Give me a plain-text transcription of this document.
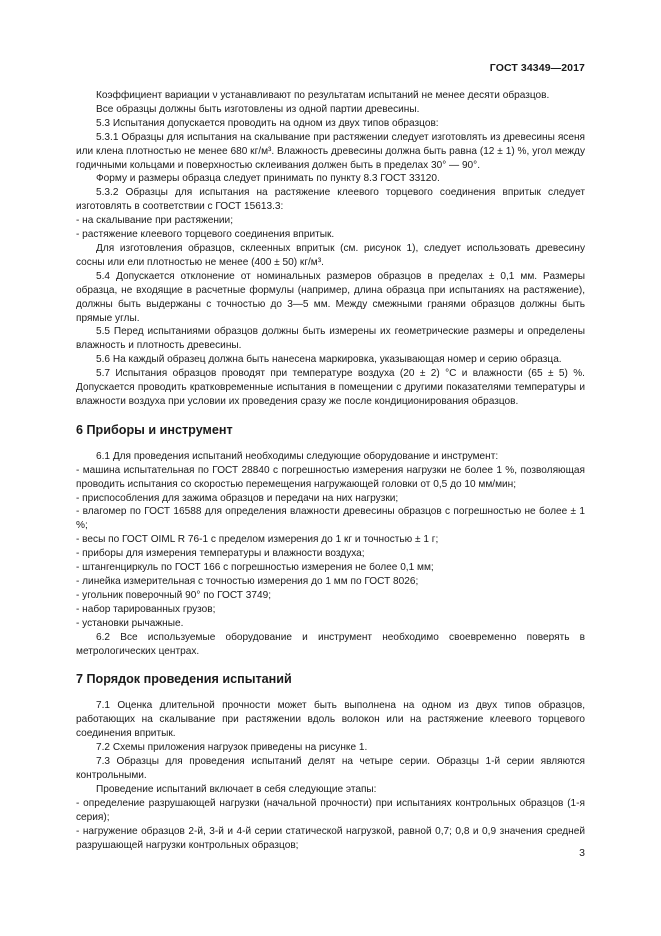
ГОСТ 34349—2017

Коэффициент вариации ν устанавливают по результатам испытаний не менее десяти образцов.

Все образцы должны быть изготовлены из одной партии древесины.

5.3 Испытания допускается проводить на одном из двух типов образцов:

5.3.1 Образцы для испытания на скалывание при растяжении следует изготовлять из древесины ясеня или клена плотностью не менее 680 кг/м³. Влажность древесины должна быть равна (12 ± 1) %, угол между годичными кольцами и поверхностью склеивания должен быть в пределах 30° — 90°.

Форму и размеры образца следует принимать по пункту 8.3 ГОСТ 33120.

5.3.2 Образцы для испытания на растяжение клеевого торцевого соединения впритык следует изготовлять в соответствии с ГОСТ 15613.3:

- на скалывание при растяжении;

- растяжение клеевого торцевого соединения впритык.

Для изготовления образцов, склеенных впритык (см. рисунок 1), следует использовать древесину сосны или ели плотностью не менее (400 ± 50) кг/м³.

5.4 Допускается отклонение от номинальных размеров образцов в пределах ± 0,1 мм. Размеры образца, не входящие в расчетные формулы (например, длина образца при испытаниях на растяжение), должны быть выдержаны с точностью до 3—5 мм. Между смежными гранями образцов должны быть прямые углы.

5.5 Перед испытаниями образцов должны быть измерены их геометрические размеры и определены влажность и плотность древесины.

5.6 На каждый образец должна быть нанесена маркировка, указывающая номер и серию образца.

5.7 Испытания образцов проводят при температуре воздуха (20 ± 2) °С и влажности (65 ± 5) %. Допускается проводить кратковременные испытания в помещении с другими показателями температуры и влажности воздуха при условии их проведения сразу же после кондиционирования образцов.

6 Приборы и инструмент

6.1 Для проведения испытаний необходимы следующие оборудование и инструмент:

- машина испытательная по ГОСТ 28840 с погрешностью измерения нагрузки не более 1 %, позволяющая проводить испытания со скоростью перемещения нагружающей головки от 0,5 до 10 мм/мин;

- приспособления для зажима образцов и передачи на них нагрузки;

- влагомер по ГОСТ 16588 для определения влажности древесины образцов с погрешностью не более ± 1 %;

- весы по ГОСТ OIML R 76-1 с пределом измерения до 1 кг и точностью ± 1 г;

- приборы для измерения температуры и влажности воздуха;

- штангенциркуль по ГОСТ 166 с погрешностью измерения не более 0,1 мм;

- линейка измерительная с точностью измерения до 1 мм по ГОСТ 8026;

- угольник поверочный 90° по ГОСТ 3749;

- набор тарированных грузов;

- установки рычажные.

6.2 Все используемые оборудование и инструмент необходимо своевременно поверять в метрологических центрах.

7 Порядок проведения испытаний

7.1 Оценка длительной прочности может быть выполнена на одном из двух типов образцов, работающих на скалывание при растяжении вдоль волокон или на растяжение клеевого торцевого соединения впритык.

7.2 Схемы приложения нагрузок приведены на рисунке 1.

7.3 Образцы для проведения испытаний делят на четыре серии. Образцы 1-й серии являются контрольными.

Проведение испытаний включает в себя следующие этапы:

- определение разрушающей нагрузки (начальной прочности) при испытаниях контрольных образцов (1-я серия);

- нагружение образцов 2-й, 3-й и 4-й серии статической нагрузкой, равной 0,7; 0,8 и 0,9 значения средней разрушающей нагрузки контрольных образцов;

3
